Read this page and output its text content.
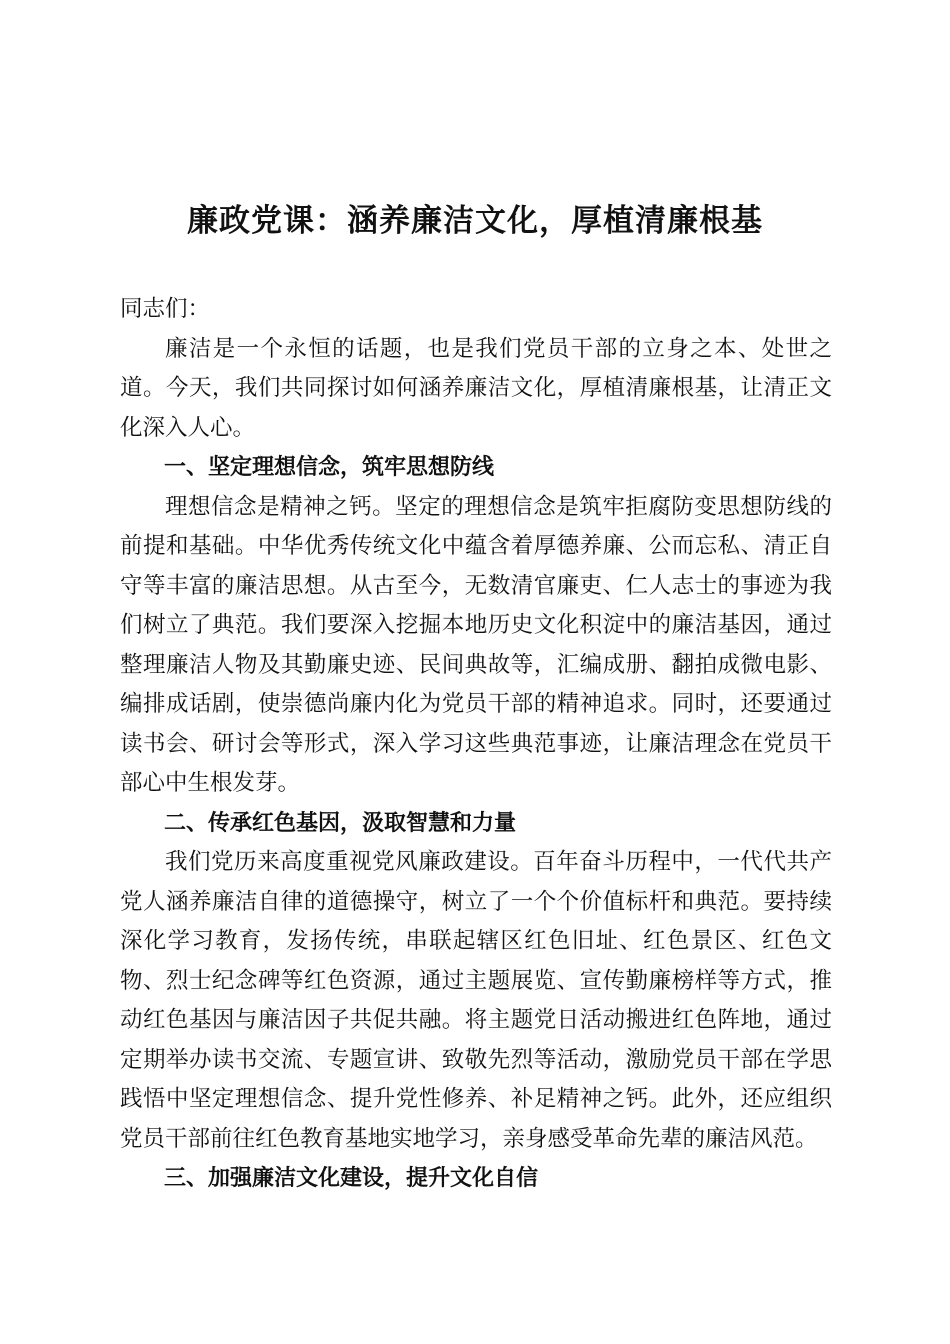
廉政党课：涵养廉洁文化，厚植清廉根基

同志们：

廉洁是一个永恒的话题，也是我们党员干部的立身之本、处世之道。今天，我们共同探讨如何涵养廉洁文化，厚植清廉根基，让清正文化深入人心。

一、坚定理想信念，筑牢思想防线

理想信念是精神之钙。坚定的理想信念是筑牢拒腐防变思想防线的前提和基础。中华优秀传统文化中蕴含着厚德养廉、公而忘私、清正自守等丰富的廉洁思想。从古至今，无数清官廉吏、仁人志士的事迹为我们树立了典范。我们要深入挖掘本地历史文化积淀中的廉洁基因，通过整理廉洁人物及其勤廉史迹、民间典故等，汇编成册、翻拍成微电影、编排成话剧，使崇德尚廉内化为党员干部的精神追求。同时，还要通过读书会、研讨会等形式，深入学习这些典范事迹，让廉洁理念在党员干部心中生根发芽。

二、传承红色基因，汲取智慧和力量

我们党历来高度重视党风廉政建设。百年奋斗历程中，一代代共产党人涵养廉洁自律的道德操守，树立了一个个价值标杆和典范。要持续深化学习教育，发扬传统，串联起辖区红色旧址、红色景区、红色文物、烈士纪念碑等红色资源，通过主题展览、宣传勤廉榜样等方式，推动红色基因与廉洁因子共促共融。将主题党日活动搬进红色阵地，通过定期举办读书交流、专题宣讲、致敬先烈等活动，激励党员干部在学思践悟中坚定理想信念、提升党性修养、补足精神之钙。此外，还应组织党员干部前往红色教育基地实地学习，亲身感受革命先辈的廉洁风范。

三、加强廉洁文化建设，提升文化自信
